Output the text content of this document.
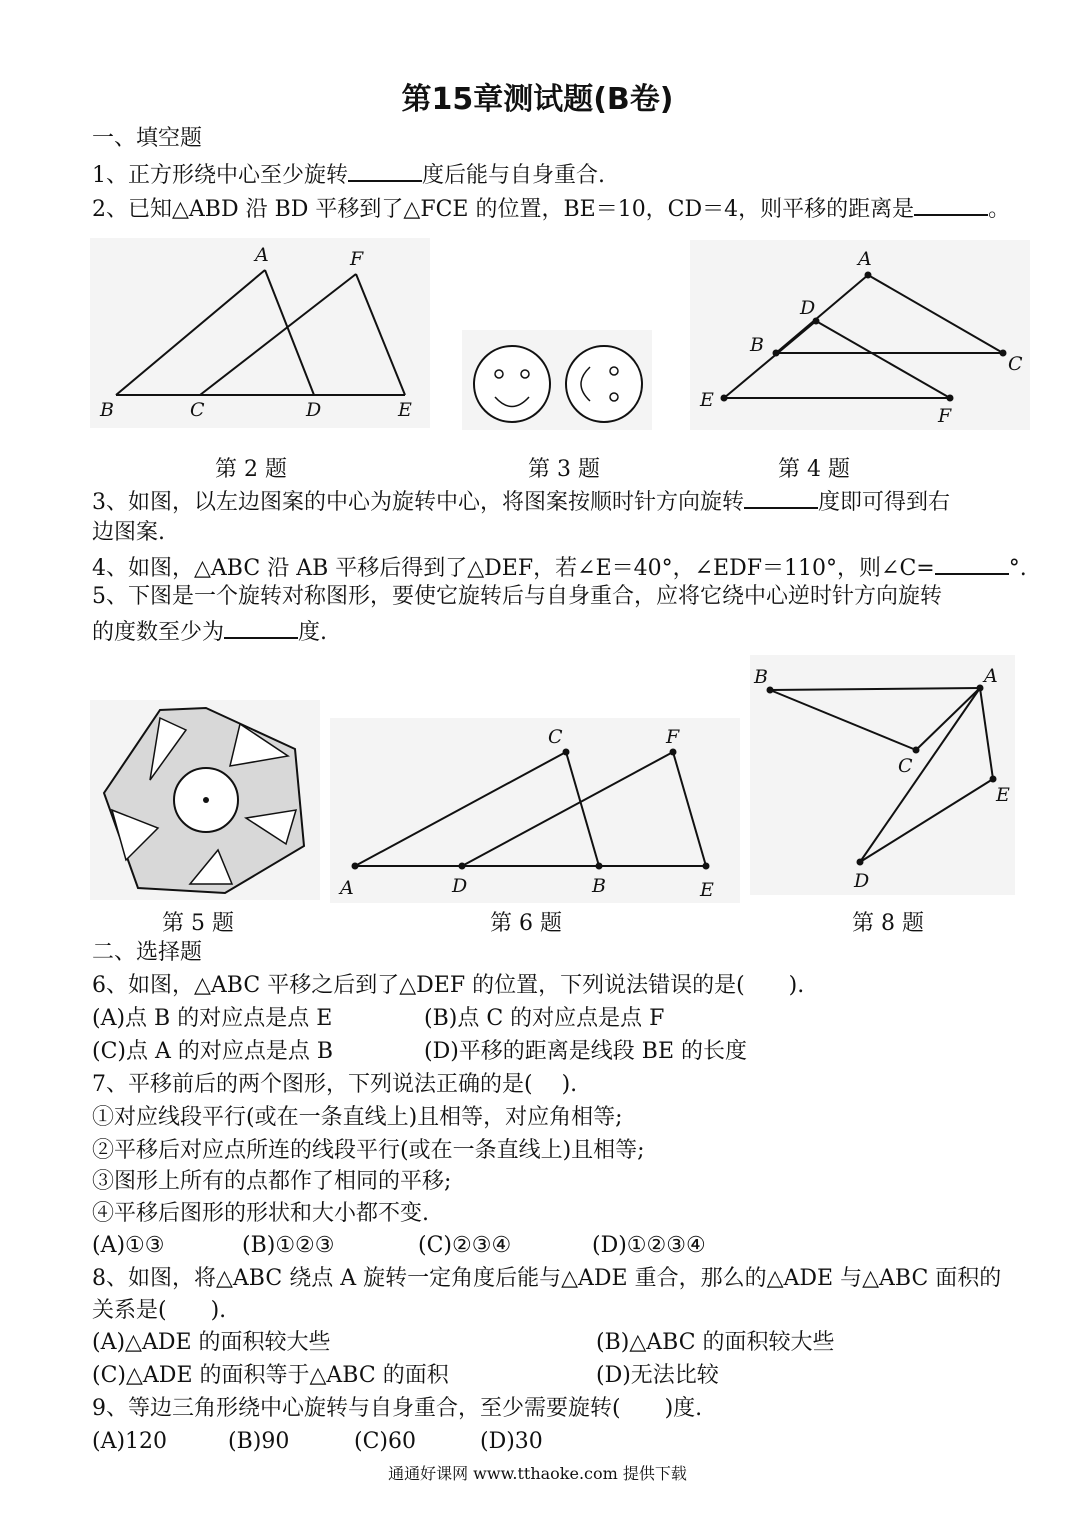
第15章测试题(B卷)
一、填空题
1、正方形绕中心至少旋转	度后能与自身重合.
2、已知△ABD 沿 BD 平移到了△FCE 的位置，BE＝10，CD＝4，则平移的距离是	。
A	F
B	C	D	E
第 2 题	第 3 题
A
D
B
C
E
F
第 4 题
3、如图，以左边图案的中心为旋转中心，将图案按顺时针方向旋转	度即可得到右
边图案.
4、如图，△ABC 沿 AB 平移后得到了△DEF，若∠E＝40°，∠EDF＝110°，则∠C=	°.
5、下图是一个旋转对称图形，要使它旋转后与自身重合，应将它绕中心逆时针方向旋转
的度数至少为	度.
第 5 题
C	F
A	D	B	E
第 6 题
B	A
C
E
D
第 8 题
二、选择题
6、如图，△ABC 平移之后到了△DEF 的位置，下列说法错误的是(　　).
(A)点 B 的对应点是点 E	(B)点 C 的对应点是点 F
(C)点 A 的对应点是点 B	(D)平移的距离是线段 BE 的长度
7、平移前后的两个图形，下列说法正确的是(　 ).
①对应线段平行(或在一条直线上)且相等，对应角相等;
②平移后对应点所连的线段平行(或在一条直线上)且相等;
③图形上所有的点都作了相同的平移;
④平移后图形的形状和大小都不变.
(A)①③	(B)①②③	(C)②③④	(D)①②③④
8、如图，将△ABC 绕点 A 旋转一定角度后能与△ADE 重合，那么的△ADE 与△ABC 面积的
关系是(　　).
(A)△ADE 的面积较大些	(B)△ABC 的面积较大些
(C)△ADE 的面积等于△ABC 的面积	(D)无法比较
9、等边三角形绕中心旋转与自身重合，至少需要旋转(　　)度.
(A)120	(B)90	(C)60	(D)30
通通好课网 www.tthaoke.com 提供下载
